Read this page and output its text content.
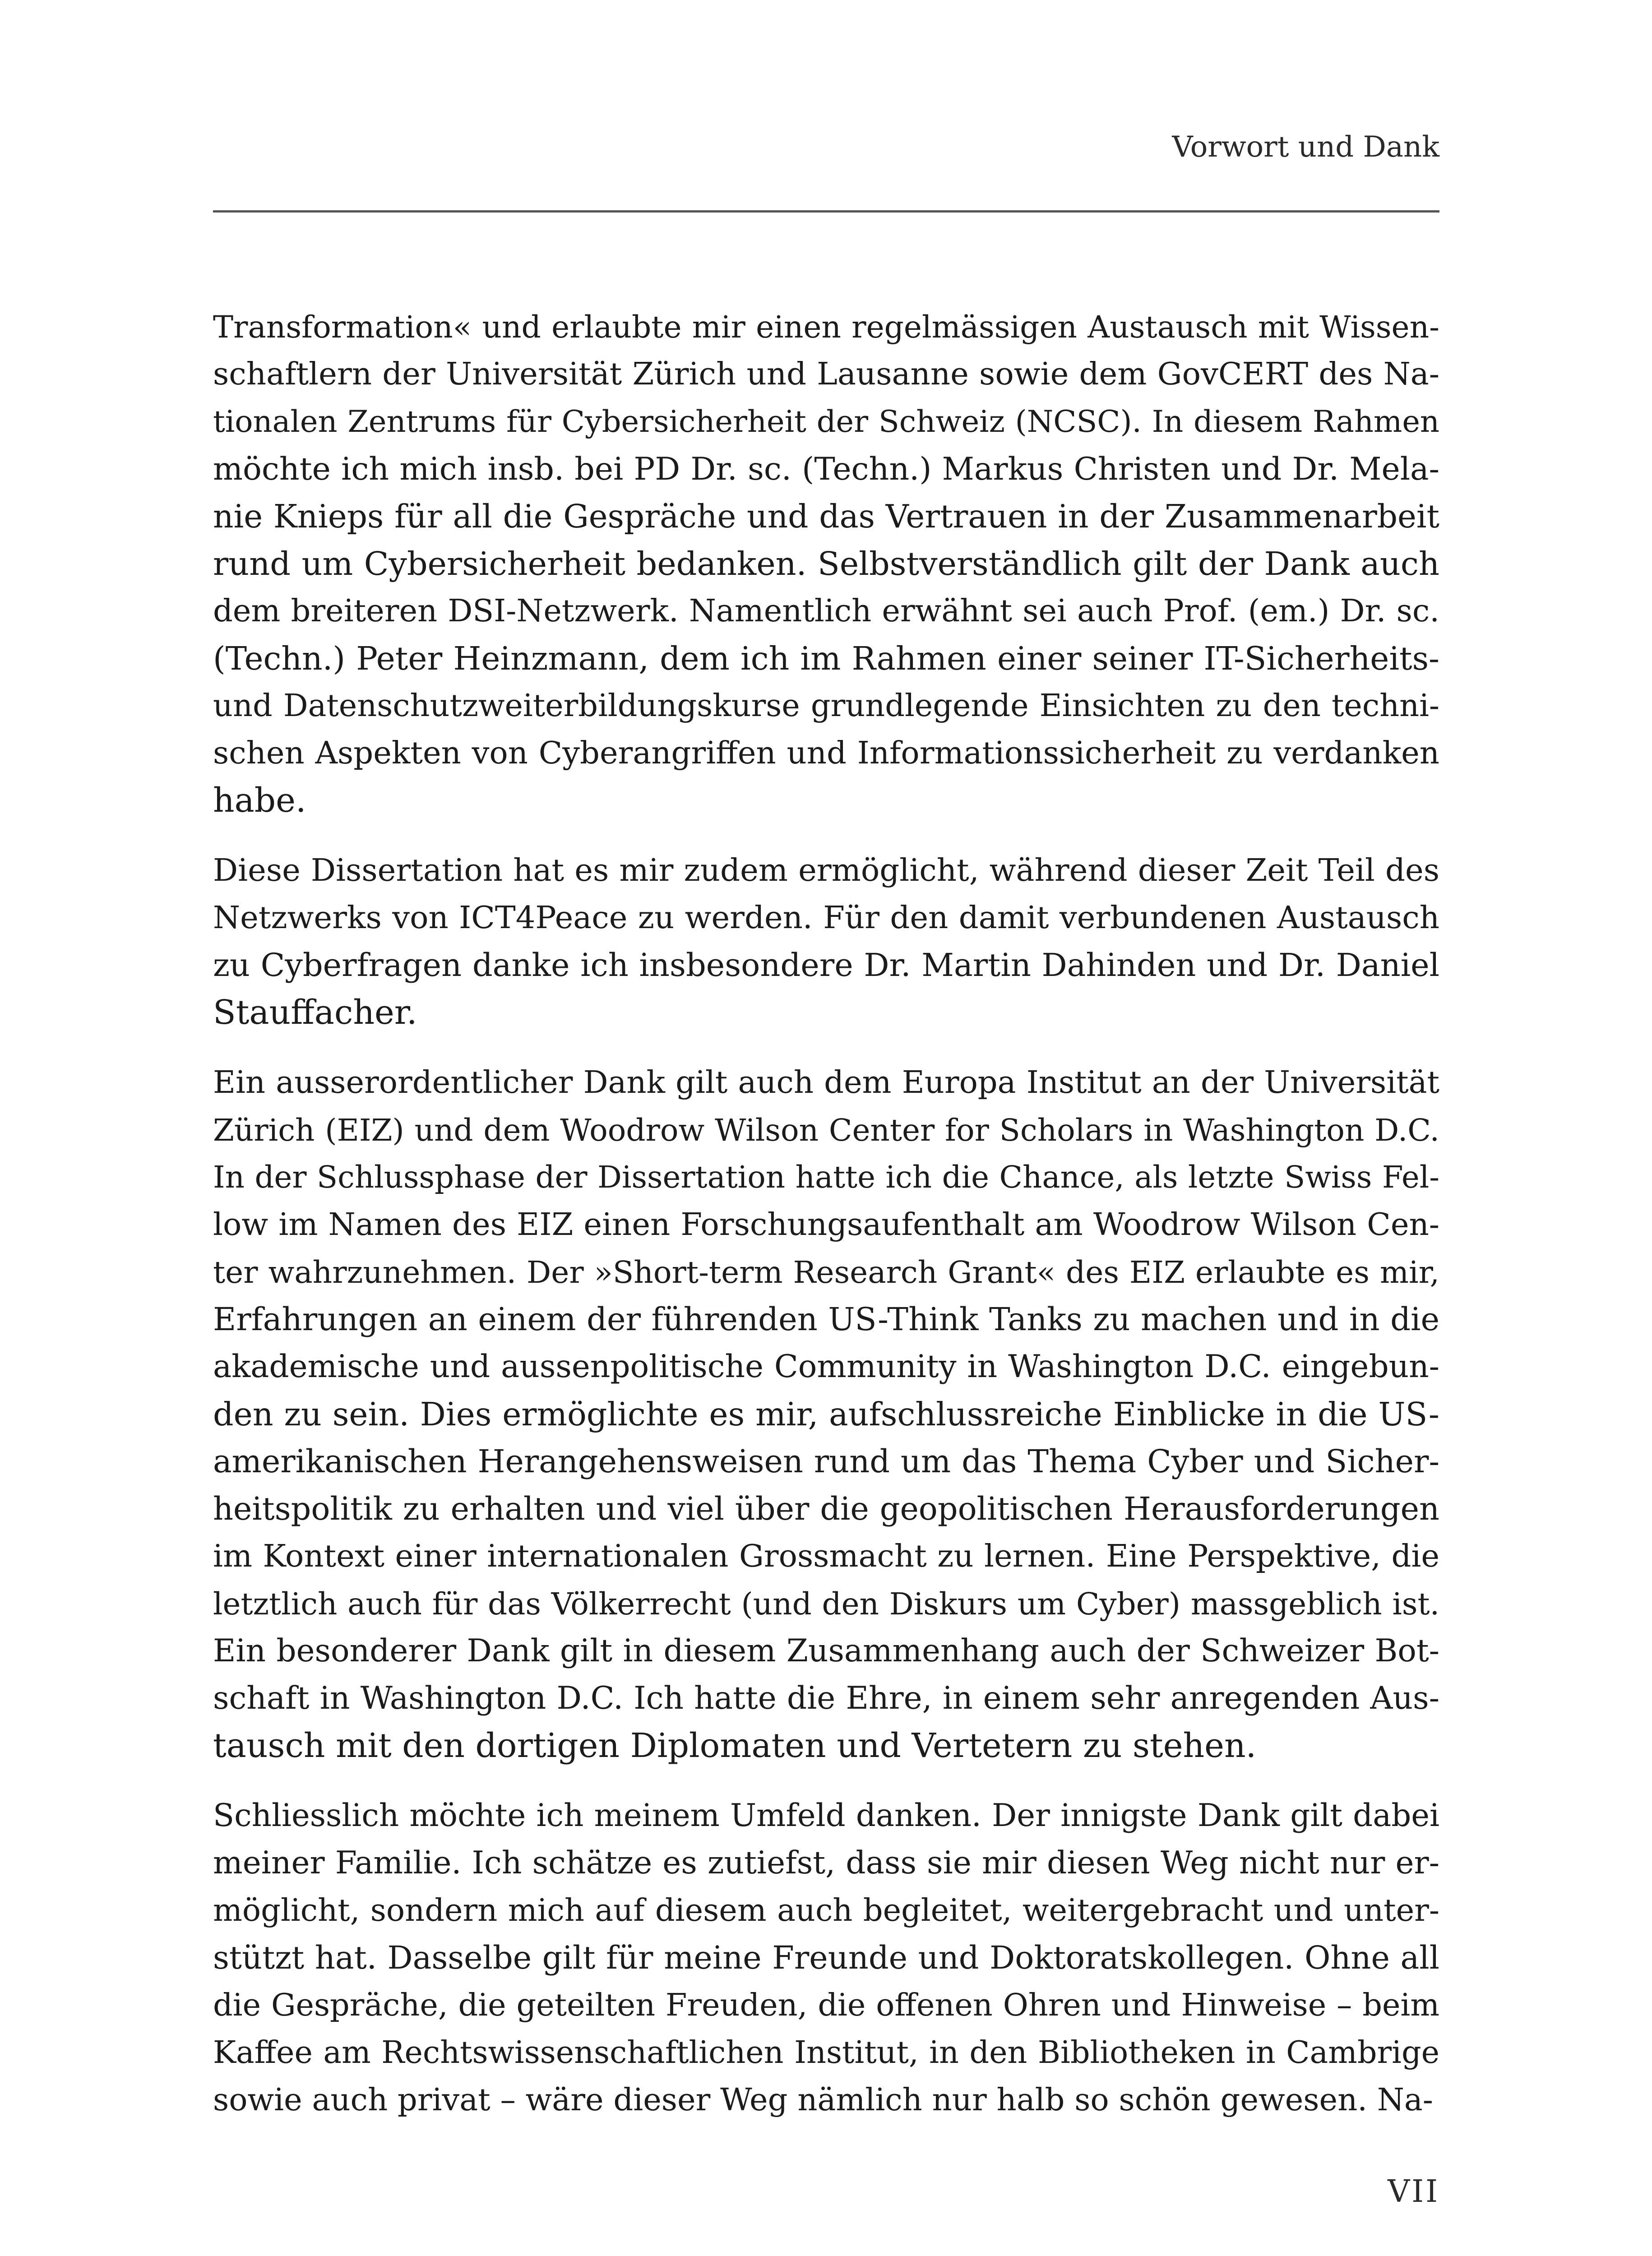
Vorwort und Dank

Transformation« und erlaubte mir einen regelmässigen Austausch mit Wissen-
schaftlern der Universität Zürich und Lausanne sowie dem GovCERT des Na-
tionalen Zentrums für Cybersicherheit der Schweiz (NCSC). In diesem Rahmen
möchte ich mich insb. bei PD Dr. sc. (Techn.) Markus Christen und Dr. Mela-
nie Knieps für all die Gespräche und das Vertrauen in der Zusammenarbeit
rund um Cybersicherheit bedanken. Selbstverständlich gilt der Dank auch
dem breiteren DSI-Netzwerk. Namentlich erwähnt sei auch Prof. (em.) Dr. sc.
(Techn.) Peter Heinzmann, dem ich im Rahmen einer seiner IT-Sicherheits-
und Datenschutzweiterbildungskurse grundlegende Einsichten zu den techni-
schen Aspekten von Cyberangriffen und Informationssicherheit zu verdanken
habe.

Diese Dissertation hat es mir zudem ermöglicht, während dieser Zeit Teil des
Netzwerks von ICT4Peace zu werden. Für den damit verbundenen Austausch
zu Cyberfragen danke ich insbesondere Dr. Martin Dahinden und Dr. Daniel
Stauffacher.

Ein ausserordentlicher Dank gilt auch dem Europa Institut an der Universität
Zürich (EIZ) und dem Woodrow Wilson Center for Scholars in Washington D.C.
In der Schlussphase der Dissertation hatte ich die Chance, als letzte Swiss Fel-
low im Namen des EIZ einen Forschungsaufenthalt am Woodrow Wilson Cen-
ter wahrzunehmen. Der »Short-term Research Grant« des EIZ erlaubte es mir,
Erfahrungen an einem der führenden US-Think Tanks zu machen und in die
akademische und aussenpolitische Community in Washington D.C. eingebun-
den zu sein. Dies ermöglichte es mir, aufschlussreiche Einblicke in die US-
amerikanischen Herangehensweisen rund um das Thema Cyber und Sicher-
heitspolitik zu erhalten und viel über die geopolitischen Herausforderungen
im Kontext einer internationalen Grossmacht zu lernen. Eine Perspektive, die
letztlich auch für das Völkerrecht (und den Diskurs um Cyber) massgeblich ist.
Ein besonderer Dank gilt in diesem Zusammenhang auch der Schweizer Bot-
schaft in Washington D.C. Ich hatte die Ehre, in einem sehr anregenden Aus-
tausch mit den dortigen Diplomaten und Vertetern zu stehen.

Schliesslich möchte ich meinem Umfeld danken. Der innigste Dank gilt dabei
meiner Familie. Ich schätze es zutiefst, dass sie mir diesen Weg nicht nur er-
möglicht, sondern mich auf diesem auch begleitet, weitergebracht und unter-
stützt hat. Dasselbe gilt für meine Freunde und Doktoratskollegen. Ohne all
die Gespräche, die geteilten Freuden, die offenen Ohren und Hinweise – beim
Kaffee am Rechtswissenschaftlichen Institut, in den Bibliotheken in Cambrige
sowie auch privat – wäre dieser Weg nämlich nur halb so schön gewesen. Na-

VII
